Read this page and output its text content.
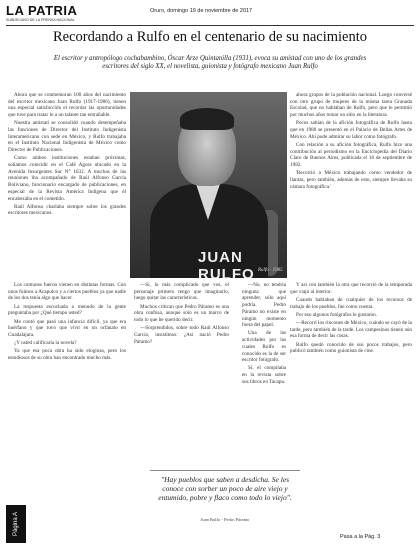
LA PATRIA
SUBDECANO DE LA PRENSA NACIONAL
Oruro, domingo 19 de noviembre de 2017
Recordando a Rulfo en el centenario de su nacimiento
El escritor y antropólogo cochabambino, Óscar Arze Quintanilla (1931), evoca su amistad con uno de los grandes escritores del siglo XX, el novelista, guionista y fotógrafo mexicano Juan Rulfo

Ahora que se conmemoran 100 años del nacimiento del escritor mexicano Juan Rulfo (1917-1986), tienen una especial satisfacción el recordar las oportunidades que tuve para tratar lo a un talante tan entrañable.

Nuestra amistad se consolidó cuando desempeñaba las funciones de Director del Instituto Indigenista Interamericano con sede en México, y Rulfo trabajaba en el Instituto Nacional Indigenista de México como Director de Publicaciones.

Como ambos instituciones estaban próximas, solíamos coincidir en el Café Agora ubicado en la Avenida Insurgentes Sur N° 1632. A muchas de las reuniones iba acompañado de Raúl Alfonso García Boliviano, funcionario encargado de publicaciones, en especial de la Revista América Indígena que él encabezaba en el cometido.

Raúl Alfonso charlaba siempre sobre los grandes escritores mexicanos.

JUAN RULFO Rulfo · 1985

ahora grupos de la población nacional. Luego conversé con otro grupo de mujeres de la misma tarea Granada Escolad, que no hablaban de Rulfo, pero que le permitió por muchos años tomar un sitio en la literatura.

Pocos sabían de la afición fotográfica de Rulfo hasta que en 1980 se presentó en el Palacio de Bellas Artes de México. Ahí pude admirar su labor como fotógrafo.

Con relación a su afición fotográfica, Rulfo hizo una contribución al periodismo en la Enciclopedia del Diario Claro de Buenos Aires, publicada el 16 de septiembre de 1982.

'Recorrió a México trabajando como vendedor de llantas, pero también, además de esto, siempre llevaba su cámara fotográfica.'

Los comunes fueron vienen en distintas formas. Con unos fuimos a Acapulco y a ciertos pueblos ya que nadie de los dos tenía algo que hacer.

La respuesta escuchada a menudo de la gente preguntaba por ¿Qué tiempo usted?

Me contó que pasó una infancia difícil, ya que era huérfano y que tuvo que vivir en un orfanato en Guadalajara.

¿Y usted calificaría la novela?

Ya que esa poca obra ha sido elogiosa, pero los estudiosos de su obra han encontrado mucho más.

—Sí, lo más complicado que vos, el personaje primero tengo que imaginarlo, luego quitar las características.

Muchos critican que Pedro Páramo es una obra confusa, aunque solo es un marco de todo lo que he querido decir.

—Sorprendidos, sobre todo Raúl Alfonso García, insistimos: ¿Así nació Pedro Páramo?

—No, no tendría ninguna que aprender, sólo aquí podría. Pedro Páramo no existe en ningún momento fuera del papel.

Una de las actividades por las cuales Rulfo es conocido es la de ser escritor fotógrafo.

Sí, el compilaba en la revista sobre sus libros en Tacapu.

Y así con también la otra que recorrió de la temporada que viajó al interior.

Cuando hablaban de cualquier de los recursos de trabajo de los pueblos, fue como cuenta.

Por eso algunos fotógrafos le gustaron.

—Recorrí los rincones de México, cuándo se cayó de la tarde, pero también de la tarde. Los campesinos tienen aún esa forma de decir las cosas.

Rulfo quedó conocido de sus pocos trabajos, pero publicó también como guionista de cine.

"Hay pueblos que saben a desdicha. Se les conoce con sorber un poco de aire viejo y entumido, pobre y flaco como todo lo viejo".
Juan Rulfo - Pedro Páramo
Página A
Pasa a la Pág. 3
